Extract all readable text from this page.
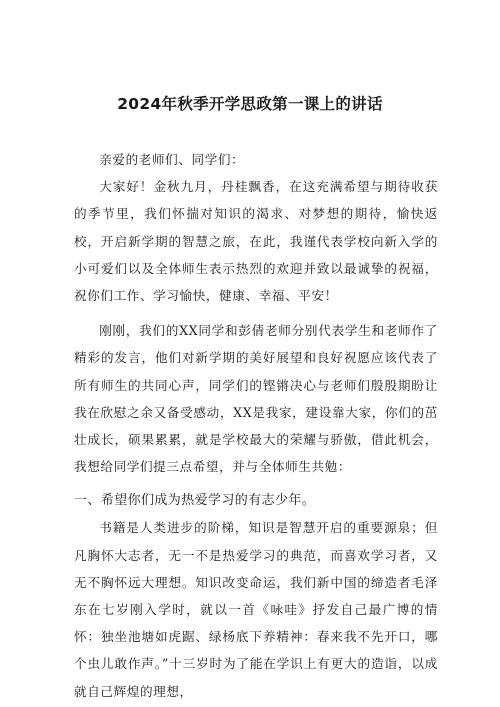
2024年秋季开学思政第一课上的讲话

亲爱的老师们、同学们：

大家好！金秋九月，丹桂飘香，在这充满希望与期待收获的季节里，我们怀揣对知识的渴求、对梦想的期待，愉快返校，开启新学期的智慧之旅，在此，我谨代表学校向新入学的小可爱们以及全体师生表示热烈的欢迎并致以最诚挚的祝福，祝你们工作、学习愉快，健康、幸福、平安！

刚刚，我们的XX同学和彭倩老师分别代表学生和老师作了精彩的发言，他们对新学期的美好展望和良好祝愿应该代表了所有师生的共同心声，同学们的铿锵决心与老师们殷殷期盼让我在欣慰之余又备受感动，XX是我家，建设靠大家，你们的茁壮成长，硕果累累，就是学校最大的荣耀与骄傲，借此机会，我想给同学们提三点希望，并与全体师生共勉：

一、希望你们成为热爱学习的有志少年。

书籍是人类进步的阶梯，知识是智慧开启的重要源泉；但凡胸怀大志者，无一不是热爱学习的典范，而喜欢学习者，又无不胸怀远大理想。知识改变命运，我们新中国的缔造者毛泽东在七岁刚入学时，就以一首《咏哇》抒发自己最广博的情怀：独坐池塘如虎踞、绿杨底下养精神：春来我不先开口，哪个虫儿敢作声。”十三岁时为了能在学识上有更大的造诣，以成就自己辉煌的理想，
